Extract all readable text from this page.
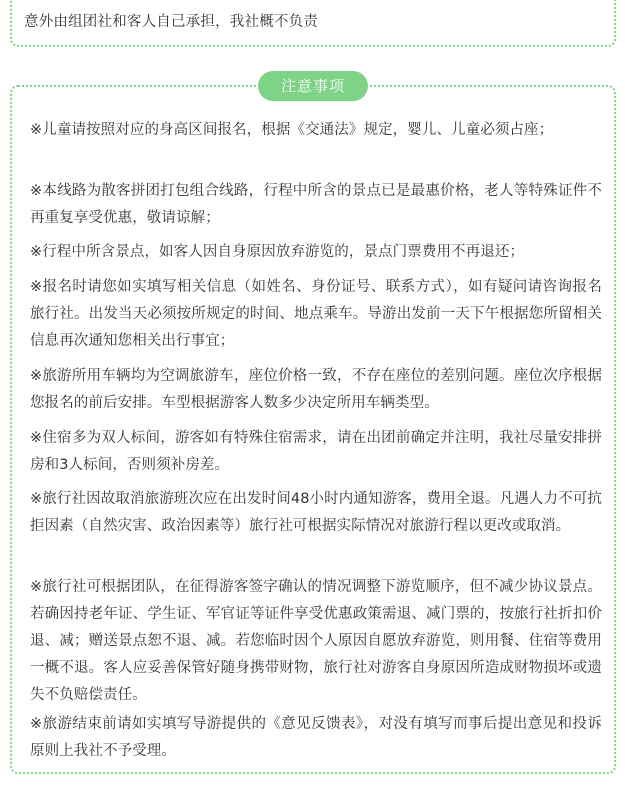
意外由组团社和客人自己承担，我社概不负责
注意事项
※儿童请按照对应的身高区间报名，根据《交通法》规定，婴儿、儿童必须占座；
※本线路为散客拼团打包组合线路，行程中所含的景点已是最惠价格，老人等特殊证件不再重复享受优惠，敬请谅解；
※行程中所含景点，如客人因自身原因放弃游览的，景点门票费用不再退还；
※报名时请您如实填写相关信息（如姓名、身份证号、联系方式），如有疑问请咨询报名旅行社。出发当天必须按所规定的时间、地点乘车。导游出发前一天下午根据您所留相关信息再次通知您相关出行事宜；
※旅游所用车辆均为空调旅游车，座位价格一致，不存在座位的差别问题。座位次序根据您报名的前后安排。车型根据游客人数多少决定所用车辆类型。
※住宿多为双人标间，游客如有特殊住宿需求，请在出团前确定并注明，我社尽量安排拼房和3人标间，否则须补房差。
※旅行社因故取消旅游班次应在出发时间48小时内通知游客，费用全退。凡遇人力不可抗拒因素（自然灾害、政治因素等）旅行社可根据实际情况对旅游行程以更改或取消。
※旅行社可根据团队，在征得游客签字确认的情况调整下游览顺序，但不减少协议景点。若确因持老年证、学生证、军官证等证件享受优惠政策需退、减门票的，按旅行社折扣价退、减；赠送景点恕不退、减。若您临时因个人原因自愿放弃游览，则用餐、住宿等费用一概不退。客人应妥善保管好随身携带财物，旅行社对游客自身原因所造成财物损坏或遗失不负赔偿责任。
※旅游结束前请如实填写导游提供的《意见反馈表》，对没有填写而事后提出意见和投诉原则上我社不予受理。
